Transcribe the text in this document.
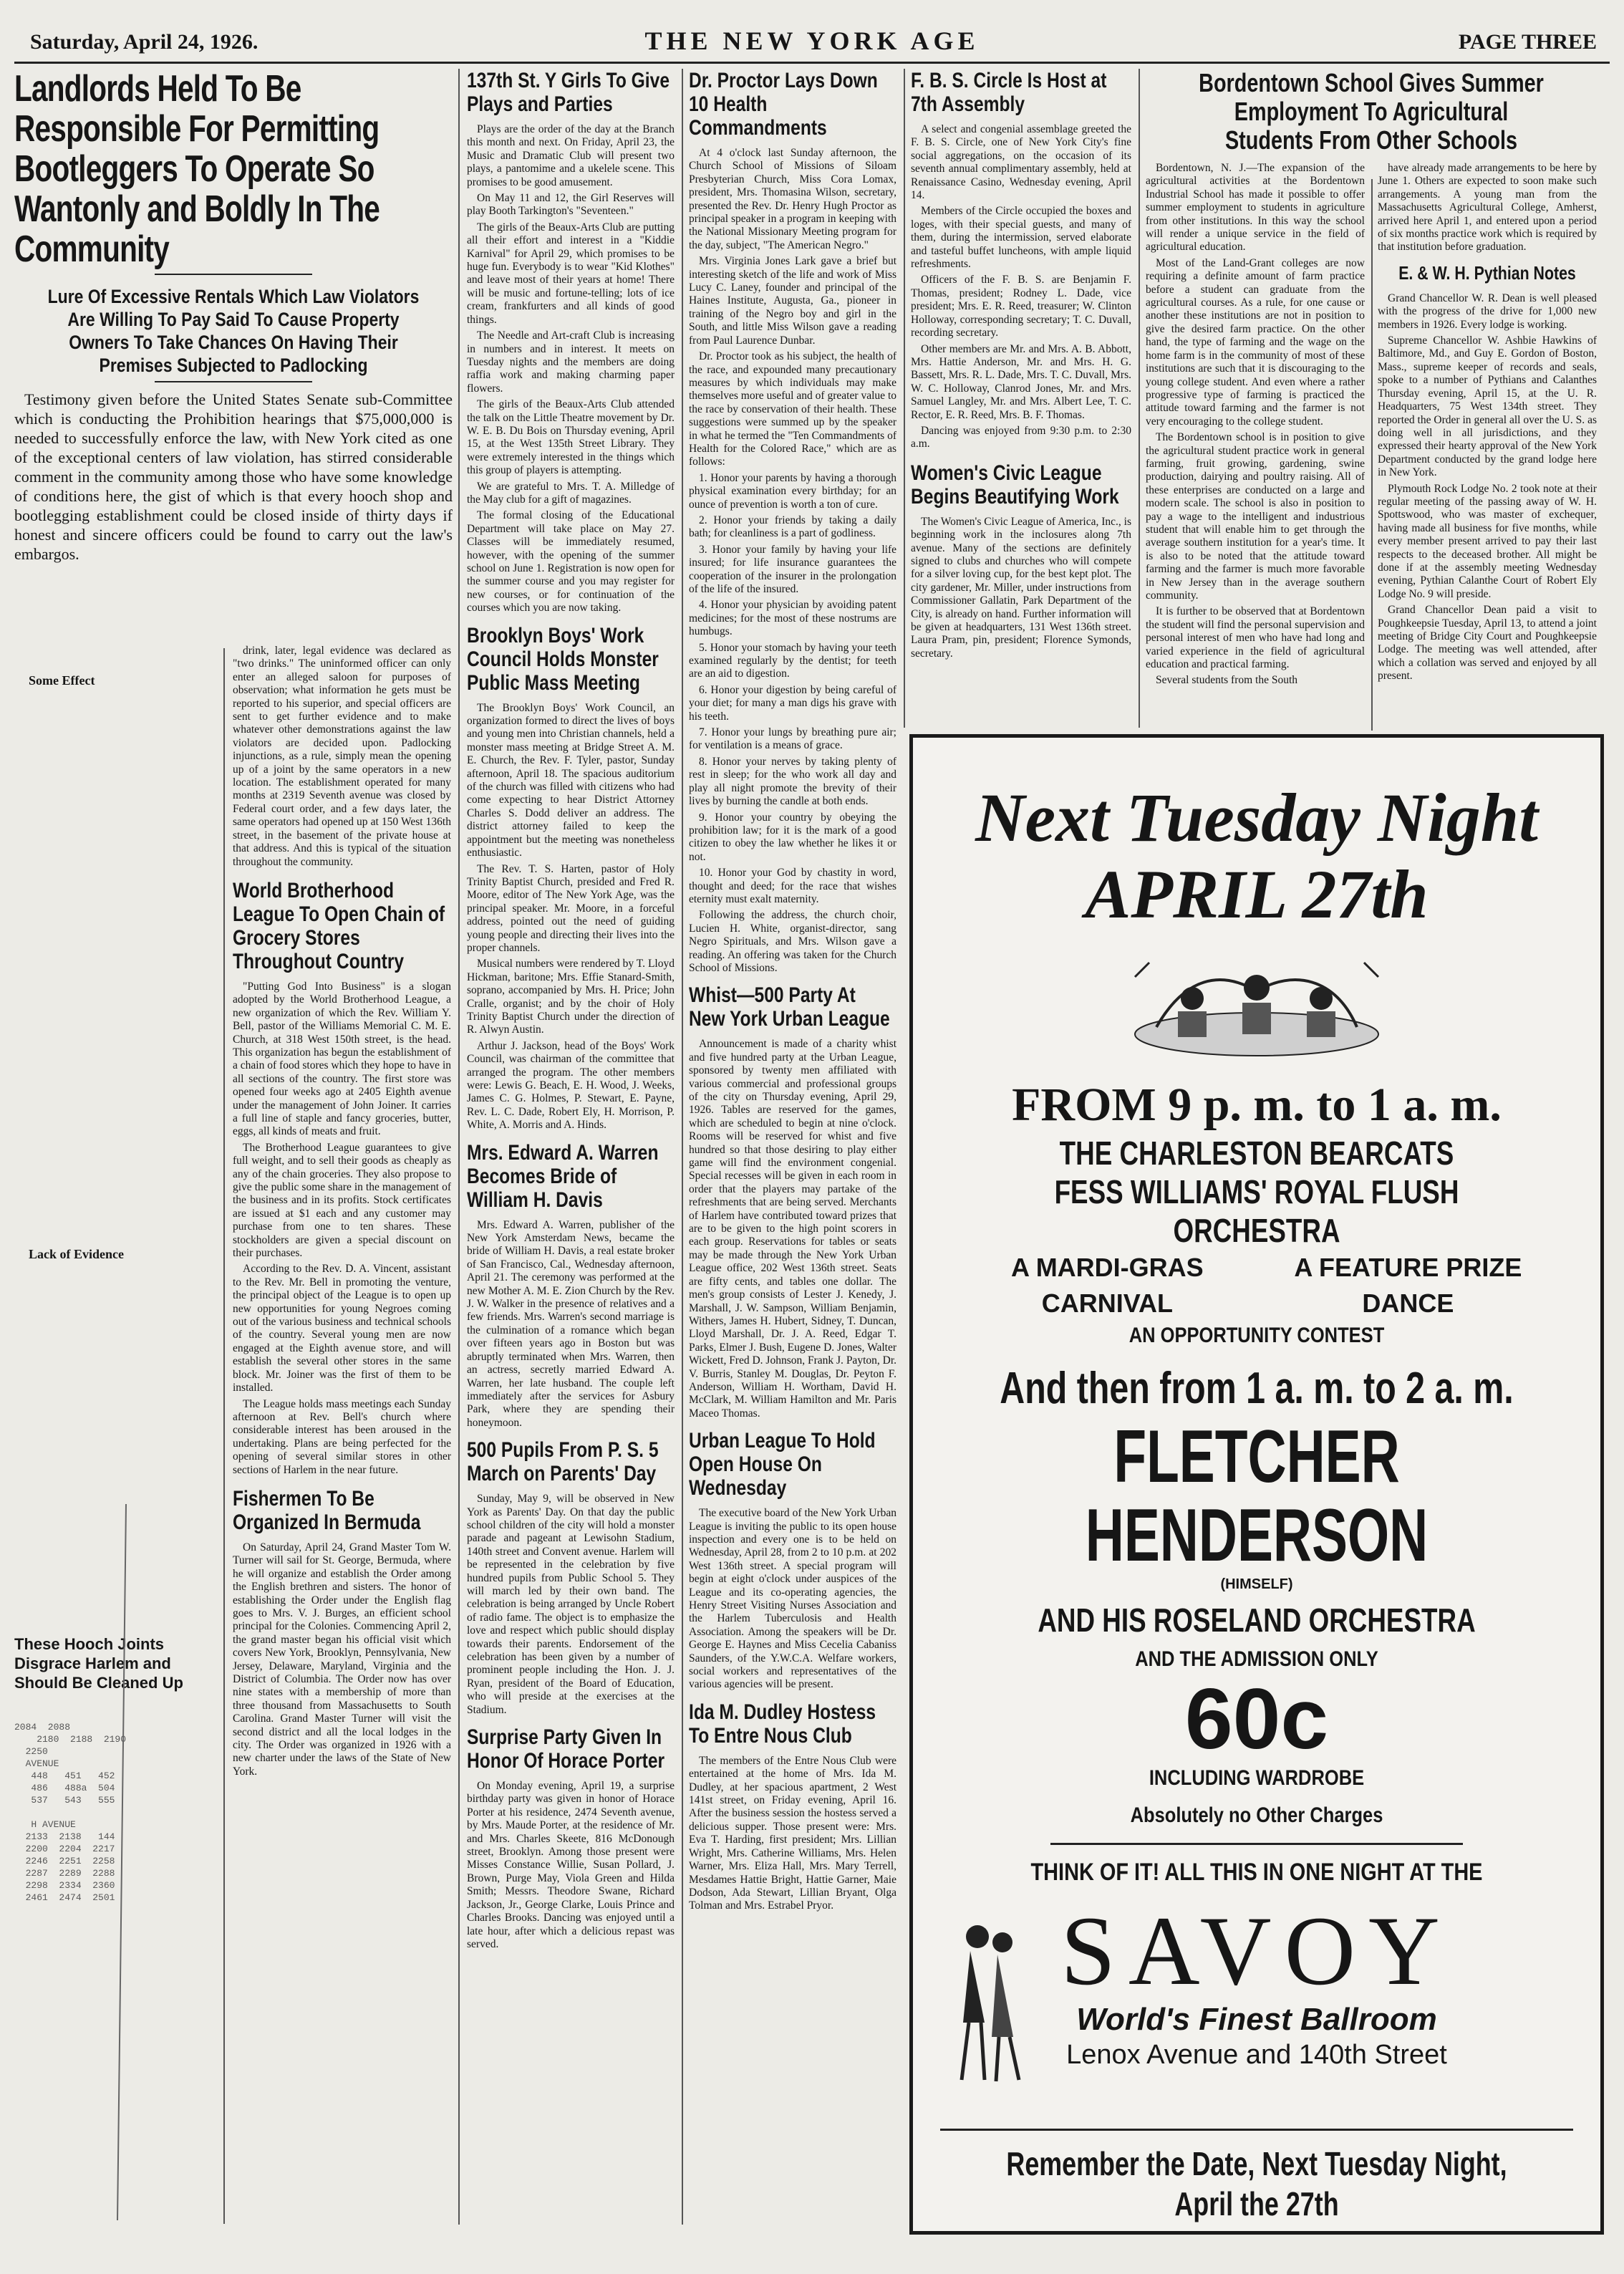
Saturday, April 24, 1926.	THE NEW YORK AGE	PAGE THREE
Landlords Held To Be Responsible For Permitting Bootleggers To Operate So Wantonly and Boldly In The Community
Lure Of Excessive Rentals Which Law Violators Are Willing To Pay Said To Cause Property Owners To Take Chances On Having Their Premises Subjected to Padlocking

Testimony given before the United States Senate sub-Committee which is conducting the Prohibition hearings that $75,000,000 is needed to successfully enforce the law, with New York cited as one of the exceptional centers of law violation, has stirred considerable comment in the community among those who have some knowledge of conditions here, the gist of which is that every hooch shop and bootlegging establishment could be closed inside of thirty days if honest and sincere officers could be found to carry out the law's embargos.

Some Effect
Lack of Evidence
These Hooch Joints Disgrace Harlem and Should Be Cleaned Up
2084  2088
2180  2188  2190
2250
AVENUE
448   451   452
486   488a  504
537   543   555

H AVENUE
2133  2138   144
2200  2204  2217
2246  2251  2258
2287  2289  2288
2298  2334  2360
2461  2474  2501

drink, later, legal evidence was declared as "two drinks." The uninformed officer can only enter an alleged saloon for purposes of observation; what information he gets must be reported to his superior, and special officers are sent to get further evidence and to make whatever other demonstrations against the law violators are decided upon. Padlocking injunctions, as a rule, simply mean the opening up of a joint by the same operators in a new location. The establishment operated for many months at 2319 Seventh avenue was closed by Federal court order, and a few days later, the same operators had opened up at 150 West 136th street, in the basement of the private house at that address. And this is typical of the situation throughout the community.

World Brotherhood League To Open Chain of Grocery Stores Throughout Country

"Putting God Into Business" is a slogan adopted by the World Brotherhood League, a new organization of which the Rev. William Y. Bell, pastor of the Williams Memorial C. M. E. Church, at 318 West 150th street, is the head. This organization has begun the establishment of a chain of food stores which they hope to have in all sections of the country. The first store was opened four weeks ago at 2405 Eighth avenue under the management of John Joiner. It carries a full line of staple and fancy groceries, butter, eggs, all kinds of meats and fruit.

The Brotherhood League guarantees to give full weight, and to sell their goods as cheaply as any of the chain groceries. They also propose to give the public some share in the management of the business and in its profits. Stock certificates are issued at $1 each and any customer may purchase from one to ten shares. These stockholders are given a special discount on their purchases.

According to the Rev. D. A. Vincent, assistant to the Rev. Mr. Bell in promoting the venture, the principal object of the League is to open up new opportunities for young Negroes coming out of the various business and technical schools of the country. Several young men are now engaged at the Eighth avenue store, and will establish the several other stores in the same block. Mr. Joiner was the first of them to be installed.

The League holds mass meetings each Sunday afternoon at Rev. Bell's church where considerable interest has been aroused in the undertaking. Plans are being perfected for the opening of several similar stores in other sections of Harlem in the near future.

Fishermen To Be Organized In Bermuda

On Saturday, April 24, Grand Master Tom W. Turner will sail for St. George, Bermuda, where he will organize and establish the Order among the English brethren and sisters. The honor of establishing the Order under the English flag goes to Mrs. V. J. Burges, an efficient school principal for the Colonies. Commencing April 2, the grand master began his official visit which covers New York, Brooklyn, Pennsylvania, New Jersey, Delaware, Maryland, Virginia and the District of Columbia. The Order now has over nine states with a membership of more than three thousand from Massachusetts to South Carolina. Grand Master Turner will visit the second district and all the local lodges in the city. The Order was organized in 1926 with a new charter under the laws of the State of New York.

137th St. Y Girls To Give Plays and Parties

Plays are the order of the day at the Branch this month and next. On Friday, April 23, the Music and Dramatic Club will present two plays, a pantomime and a ukelele scene. This promises to be good amusement.

On May 11 and 12, the Girl Reserves will play Booth Tarkington's "Seventeen."

The girls of the Beaux-Arts Club are putting all their effort and interest in a "Kiddie Karnival" for April 29, which promises to be huge fun. Everybody is to wear "Kid Klothes" and leave most of their years at home! There will be music and fortune-telling; lots of ice cream, frankfurters and all kinds of good things.

The Needle and Art-craft Club is increasing in numbers and in interest. It meets on Tuesday nights and the members are doing raffia work and making charming paper flowers.

The girls of the Beaux-Arts Club attended the talk on the Little Theatre movement by Dr. W. E. B. Du Bois on Thursday evening, April 15, at the West 135th Street Library. They were extremely interested in the things which this group of players is attempting.

We are grateful to Mrs. T. A. Milledge of the May club for a gift of magazines.

The formal closing of the Educational Department will take place on May 27. Classes will be immediately resumed, however, with the opening of the summer school on June 1. Registration is now open for the summer course and you may register for new courses, or for continuation of the courses which you are now taking.

Brooklyn Boys' Work Council Holds Monster Public Mass Meeting

The Brooklyn Boys' Work Council, an organization formed to direct the lives of boys and young men into Christian channels, held a monster mass meeting at Bridge Street A. M. E. Church, the Rev. F. Tyler, pastor, Sunday afternoon, April 18. The spacious auditorium of the church was filled with citizens who had come expecting to hear District Attorney Charles S. Dodd deliver an address. The district attorney failed to keep the appointment but the meeting was nonetheless enthusiastic.

The Rev. T. S. Harten, pastor of Holy Trinity Baptist Church, presided and Fred R. Moore, editor of The New York Age, was the principal speaker. Mr. Moore, in a forceful address, pointed out the need of guiding young people and directing their lives into the proper channels.

Musical numbers were rendered by T. Lloyd Hickman, baritone; Mrs. Effie Stanard-Smith, soprano, accompanied by Mrs. H. Price; John Cralle, organist; and by the choir of Holy Trinity Baptist Church under the direction of R. Alwyn Austin.

Arthur J. Jackson, head of the Boys' Work Council, was chairman of the committee that arranged the program. The other members were: Lewis G. Beach, E. H. Wood, J. Weeks, James C. G. Holmes, P. Stewart, E. Payne, Rev. L. C. Dade, Robert Ely, H. Morrison, P. White, A. Morris and A. Hinds.

Mrs. Edward A. Warren Becomes Bride of William H. Davis

Mrs. Edward A. Warren, publisher of the New York Amsterdam News, became the bride of William H. Davis, a real estate broker of San Francisco, Cal., Wednesday afternoon, April 21. The ceremony was performed at the new Mother A. M. E. Zion Church by the Rev. J. W. Walker in the presence of relatives and a few friends. Mrs. Warren's second marriage is the culmination of a romance which began over fifteen years ago in Boston but was abruptly terminated when Mrs. Warren, then an actress, secretly married Edward A. Warren, her late husband. The couple left immediately after the services for Asbury Park, where they are spending their honeymoon.

500 Pupils From P. S. 5 March on Parents' Day

Sunday, May 9, will be observed in New York as Parents' Day. On that day the public school children of the city will hold a monster parade and pageant at Lewisohn Stadium, 140th street and Convent avenue. Harlem will be represented in the celebration by five hundred pupils from Public School 5. They will march led by their own band. The celebration is being arranged by Uncle Robert of radio fame. The object is to emphasize the love and respect which public should display towards their parents. Endorsement of the celebration has been given by a number of prominent people including the Hon. J. J. Ryan, president of the Board of Education, who will preside at the exercises at the Stadium.

Surprise Party Given In Honor Of Horace Porter

On Monday evening, April 19, a surprise birthday party was given in honor of Horace Porter at his residence, 2474 Seventh avenue, by Mrs. Maude Porter, at the residence of Mr. and Mrs. Charles Skeete, 816 McDonough street, Brooklyn. Among those present were Misses Constance Willie, Susan Pollard, J. Brown, Purge May, Viola Green and Hilda Smith; Messrs. Theodore Swane, Richard Jackson, Jr., George Clarke, Louis Prince and Charles Brooks. Dancing was enjoyed until a late hour, after which a delicious repast was served.

Dr. Proctor Lays Down 10 Health Commandments

At 4 o'clock last Sunday afternoon, the Church School of Missions of Siloam Presbyterian Church, Miss Cora Lomax, president, Mrs. Thomasina Wilson, secretary, presented the Rev. Dr. Henry Hugh Proctor as principal speaker in a program in keeping with the National Missionary Meeting program for the day, subject, "The American Negro."

Mrs. Virginia Jones Lark gave a brief but interesting sketch of the life and work of Miss Lucy C. Laney, founder and principal of the Haines Institute, Augusta, Ga., pioneer in training of the Negro boy and girl in the South, and little Miss Wilson gave a reading from Paul Laurence Dunbar.

Dr. Proctor took as his subject, the health of the race, and expounded many precautionary measures by which individuals may make themselves more useful and of greater value to the race by conservation of their health. These suggestions were summed up by the speaker in what he termed the "Ten Commandments of Health for the Colored Race," which are as follows:

1. Honor your parents by having a thorough physical examination every birthday; for an ounce of prevention is worth a ton of cure.

2. Honor your friends by taking a daily bath; for cleanliness is a part of godliness.

3. Honor your family by having your life insured; for life insurance guarantees the cooperation of the insurer in the prolongation of the life of the insured.

4. Honor your physician by avoiding patent medicines; for the most of these nostrums are humbugs.

5. Honor your stomach by having your teeth examined regularly by the dentist; for teeth are an aid to digestion.

6. Honor your digestion by being careful of your diet; for many a man digs his grave with his teeth.

7. Honor your lungs by breathing pure air; for ventilation is a means of grace.

8. Honor your nerves by taking plenty of rest in sleep; for the who work all day and play all night promote the brevity of their lives by burning the candle at both ends.

9. Honor your country by obeying the prohibition law; for it is the mark of a good citizen to obey the law whether he likes it or not.

10. Honor your God by chastity in word, thought and deed; for the race that wishes eternity must exalt maternity.

Following the address, the church choir, Lucien H. White, organist-director, sang Negro Spirituals, and Mrs. Wilson gave a reading. An offering was taken for the Church School of Missions.

Whist—500 Party At New York Urban League

Announcement is made of a charity whist and five hundred party at the Urban League, sponsored by twenty men affiliated with various commercial and professional groups of the city on Thursday evening, April 29, 1926. Tables are reserved for the games, which are scheduled to begin at nine o'clock. Rooms will be reserved for whist and five hundred so that those desiring to play either game will find the environment congenial. Special recesses will be given in each room in order that the players may partake of the refreshments that are being served. Merchants of Harlem have contributed toward prizes that are to be given to the high point scorers in each group. Reservations for tables or seats may be made through the New York Urban League office, 202 West 136th street. Seats are fifty cents, and tables one dollar. The men's group consists of Lester J. Kenedy, J. Marshall, J. W. Sampson, William Benjamin, Withers, James H. Hubert, Sidney, T. Duncan, Lloyd Marshall, Dr. J. A. Reed, Edgar T. Parks, Elmer J. Bush, Eugene D. Jones, Walter Wickett, Fred D. Johnson, Frank J. Payton, Dr. V. Burris, Stanley M. Douglas, Dr. Peyton F. Anderson, William H. Wortham, David H. McClark, M. William Hamilton and Mr. Paris Maceo Thomas.

Urban League To Hold Open House On Wednesday

The executive board of the New York Urban League is inviting the public to its open house inspection and every one is to be held on Wednesday, April 28, from 2 to 10 p.m. at 202 West 136th street. A special program will begin at eight o'clock under auspices of the League and its co-operating agencies, the Henry Street Visiting Nurses Association and the Harlem Tuberculosis and Health Association. Among the speakers will be Dr. George E. Haynes and Miss Cecelia Cabaniss Saunders, of the Y.W.C.A. Welfare workers, social workers and representatives of the various agencies will be present.

Ida M. Dudley Hostess To Entre Nous Club

The members of the Entre Nous Club were entertained at the home of Mrs. Ida M. Dudley, at her spacious apartment, 2 West 141st street, on Friday evening, April 16. After the business session the hostess served a delicious supper. Those present were: Mrs. Eva T. Harding, first president; Mrs. Lillian Wright, Mrs. Catherine Williams, Mrs. Helen Warner, Mrs. Eliza Hall, Mrs. Mary Terrell, Mesdames Hattie Bright, Hattie Garner, Maie Dodson, Ada Stewart, Lillian Bryant, Olga Tolman and Mrs. Estrabel Pryor.

F. B. S. Circle Is Host at 7th Assembly

A select and congenial assemblage greeted the F. B. S. Circle, one of New York City's fine social aggregations, on the occasion of its seventh annual complimentary assembly, held at Renaissance Casino, Wednesday evening, April 14.

Members of the Circle occupied the boxes and loges, with their special guests, and many of them, during the intermission, served elaborate and tasteful buffet luncheons, with ample liquid refreshments.

Officers of the F. B. S. are Benjamin F. Thomas, president; Rodney L. Dade, vice president; Mrs. E. R. Reed, treasurer; W. Clinton Holloway, corresponding secretary; T. C. Duvall, recording secretary.

Other members are Mr. and Mrs. A. B. Abbott, Mrs. Hattie Anderson, Mr. and Mrs. H. G. Bassett, Mrs. R. L. Dade, Mrs. T. C. Duvall, Mrs. W. C. Holloway, Clanrod Jones, Mr. and Mrs. Samuel Langley, Mr. and Mrs. Albert Lee, T. C. Rector, E. R. Reed, Mrs. B. F. Thomas.

Dancing was enjoyed from 9:30 p.m. to 2:30 a.m.

Women's Civic League Begins Beautifying Work

The Women's Civic League of America, Inc., is beginning work in the inclosures along 7th avenue. Many of the sections are definitely signed to clubs and churches who will compete for a silver loving cup, for the best kept plot. The city gardener, Mr. Miller, under instructions from Commissioner Gallatin, Park Department of the City, is already on hand. Further information will be given at headquarters, 131 West 136th street. Laura Pram, pin, president; Florence Symonds, secretary.

Bordentown School Gives Summer Employment To Agricultural Students From Other Schools

Bordentown, N. J.—The expansion of the agricultural activities at the Bordentown Industrial School has made it possible to offer summer employment to students in agriculture from other institutions. In this way the school will render a unique service in the field of agricultural education.

Most of the Land-Grant colleges are now requiring a definite amount of farm practice before a student can graduate from the agricultural courses. As a rule, for one cause or another these institutions are not in position to give the desired farm practice. On the other hand, the type of farming and the wage on the home farm is in the community of most of these institutions are such that it is discouraging to the young college student. And even where a rather progressive type of farming is practiced the attitude toward farming and the farmer is not very encouraging to the college student.

The Bordentown school is in position to give the agricultural student practice work in general farming, fruit growing, gardening, swine production, dairying and poultry raising. All of these enterprises are conducted on a large and modern scale. The school is also in position to pay a wage to the intelligent and industrious student that will enable him to get through the average southern institution for a year's time. It is also to be noted that the attitude toward farming and the farmer is much more favorable in New Jersey than in the average southern community.

It is further to be observed that at Bordentown the student will find the personal supervision and personal interest of men who have had long and varied experience in the field of agricultural education and practical farming.

Several students from the South

have already made arrangements to be here by June 1. Others are expected to soon make such arrangements. A young man from the Massachusetts Agricultural College, Amherst, arrived here April 1, and entered upon a period of six months practice work which is required by that institution before graduation.

E. & W. H. Pythian Notes

Grand Chancellor W. R. Dean is well pleased with the progress of the drive for 1,000 new members in 1926. Every lodge is working.

Supreme Chancellor W. Ashbie Hawkins of Baltimore, Md., and Guy E. Gordon of Boston, Mass., supreme keeper of records and seals, spoke to a number of Pythians and Calanthes Thursday evening, April 15, at the U. R. Headquarters, 75 West 134th street. They reported the Order in general all over the U. S. as doing well in all jurisdictions, and they expressed their hearty approval of the New York Department conducted by the grand lodge here in New York.

Plymouth Rock Lodge No. 2 took note at their regular meeting of the passing away of W. H. Spottswood, who was master of exchequer, having made all business for five months, while every member present arrived to pay their last respects to the deceased brother. All might be done if at the assembly meeting Wednesday evening, Pythian Calanthe Court of Robert Ely Lodge No. 9 will preside.

Grand Chancellor Dean paid a visit to Poughkeepsie Tuesday, April 13, to attend a joint meeting of Bridge City Court and Poughkeepsie Lodge. The meeting was well attended, after which a collation was served and enjoyed by all present.

Next Tuesday Night
APRIL 27th
FROM 9 p. m. to 1 a. m.
THE CHARLESTON BEARCATS
FESS WILLIAMS' ROYAL FLUSH ORCHESTRA
A MARDI-GRAS CARNIVAL
A FEATURE PRIZE DANCE
AN OPPORTUNITY CONTEST
And then from 1 a. m. to 2 a. m.
FLETCHER HENDERSON
(HIMSELF)
AND HIS ROSELAND ORCHESTRA
AND THE ADMISSION ONLY
60c
INCLUDING WARDROBE
Absolutely no Other Charges
THINK OF IT! ALL THIS IN ONE NIGHT AT THE
SAVOY
World's Finest Ballroom
Lenox Avenue and 140th Street
Remember the Date, Next Tuesday Night, April the 27th
